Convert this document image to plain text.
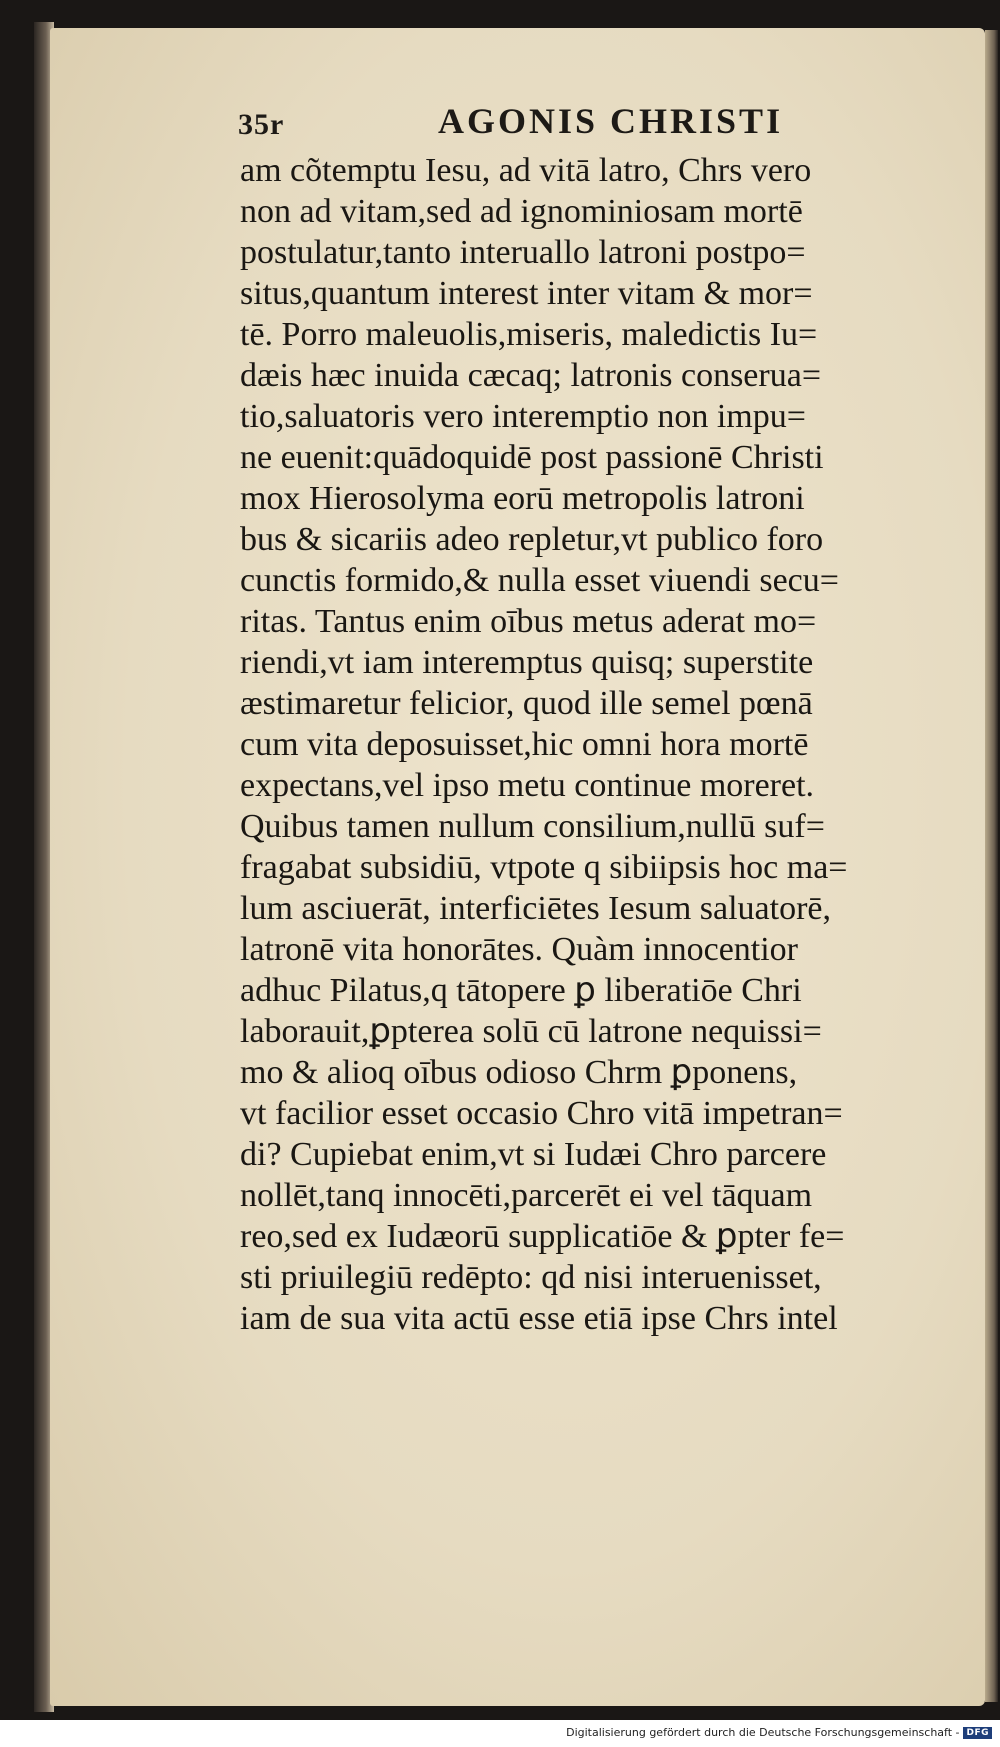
35r	AGONIS CHRISTI
am cõtemptu Iesu, ad vitā latro, Chrs vero
non ad vitam,sed ad ignominiosam mortē
postulatur,tanto interuallo latroni postpo=
situs,quantum interest inter vitam & mor=
tē. Porro maleuolis,miseris, maledictis Iu=
dæis hæc inuida cæcaq; latronis conserua=
tio,saluatoris vero interemptio non impu=
ne euenit:quādoquidē post passionē Christi
mox Hierosolyma eorū metropolis latroni
bus & sicariis adeo repletur,vt publico foro
cunctis formido,& nulla esset viuendi secu=
ritas. Tantus enim oībus metus aderat mo=
riendi,vt iam interemptus quisq; superstite
æstimaretur felicior, quod ille semel pœnā
cum vita deposuisset,hic omni hora mortē
expectans,vel ipso metu continue moreret.
Quibus tamen nullum consilium,nullū suf=
fragabat subsidiū, vtpote q sibiipsis hoc ma=
lum asciuerāt, interficiētes Iesum saluatorē,
latronē vita honorātes. Quàm innocentior
adhuc Pilatus,q tātopere ꝑ liberatiōe Chri
laborauit,ꝑpterea solū cū latrone nequissi=
mo & alioq oībus odioso Chrm ꝑponens,
vt facilior esset occasio Chro vitā impetran=
di? Cupiebat enim,vt si Iudæi Chro parcere
nollēt,tanq innocēti,parcerēt ei vel tāquam
reo,sed ex Iudæorū supplicatiōe & ꝑpter fe=
sti priuilegiū redēpto: qd nisi interuenisset,
iam de sua vita actū esse etiā ipse Chrs intel
Digitalisierung gefördert durch die Deutsche Forschungsgemeinschaft - DFG
